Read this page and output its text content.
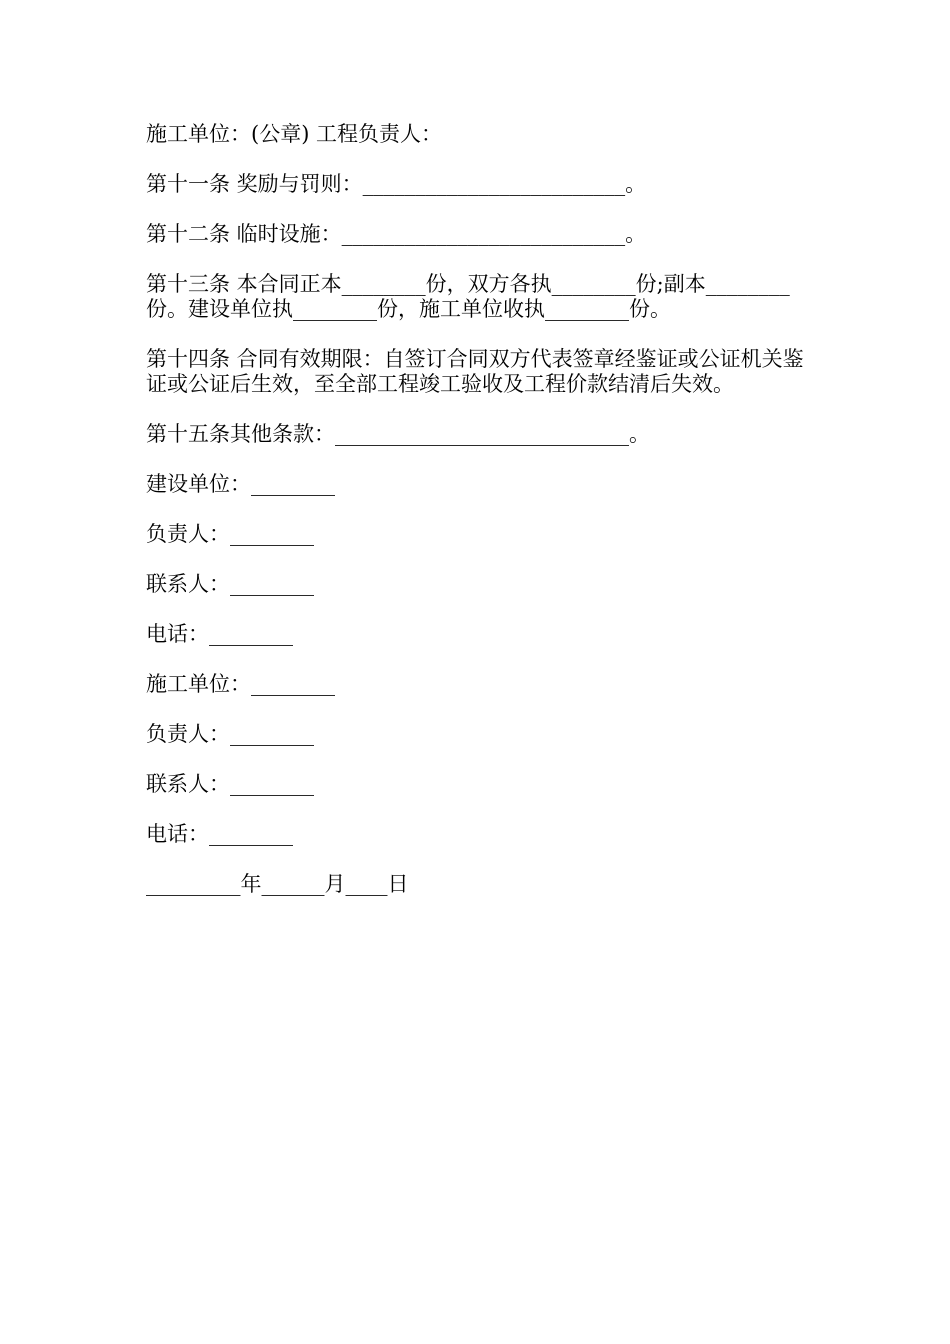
施工单位：(公章) 工程负责人：

第十一条 奖励与罚则：_________________________。

第十二条 临时设施：___________________________。

第十三条 本合同正本________份，双方各执________份;副本________份。建设单位执________份，施工单位收执________份。

第十四条 合同有效期限：自签订合同双方代表签章经鉴证或公证机关鉴证或公证后生效，至全部工程竣工验收及工程价款结清后失效。

第十五条其他条款：____________________________。

建设单位：________

负责人：________

联系人：________

电话：________

施工单位：________

负责人：________

联系人：________

电话：________

_________年______月____日
